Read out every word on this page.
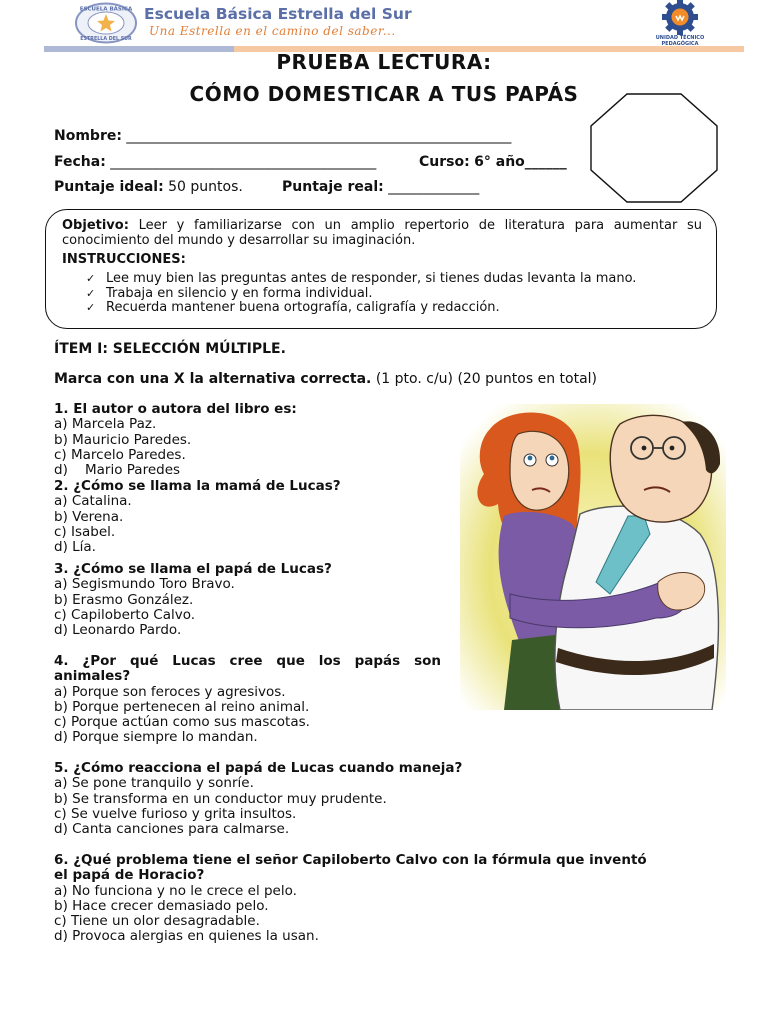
ESCUELA BÁSICA
ESTRELLA DEL SUR
Escuela Básica Estrella del Sur
Una Estrella en el camino del saber...	UNIDAD TÉCNICO
PEDAGÓGICA
PRUEBA LECTURA:
CÓMO DOMESTICAR A TUS PAPÁS
Nombre: _______________________________________________________
Fecha: ______________________________________	Curso: 6° año______
Puntaje ideal: 50 puntos.	Puntaje real: _____________
Objetivo: Leer y familiarizarse con un amplio repertorio de literatura para aumentar su conocimiento del mundo y desarrollar su imaginación.
INSTRUCCIONES:
✓ Lee muy bien las preguntas antes de responder, si tienes dudas levanta la mano.
✓ Trabaja en silencio y en forma individual.
✓ Recuerda mantener buena ortografía, caligrafía y redacción.
ÍTEM I: SELECCIÓN MÚLTIPLE.
Marca con una X la alternativa correcta. (1 pto. c/u) (20 puntos en total)
1. El autor o autora del libro es:
a) Marcela Paz.
b) Mauricio Paredes.
c) Marcelo Paredes.
d)    Mario Paredes
2. ¿Cómo se llama la mamá de Lucas?
a) Catalina.
b) Verena.
c) Isabel.
d) Lía.
3. ¿Cómo se llama el papá de Lucas?
a) Segismundo Toro Bravo.
b) Erasmo González.
c) Capiloberto Calvo.
d) Leonardo Pardo.
4. ¿Por qué Lucas cree que los papás son animales?
a) Porque son feroces y agresivos.
b) Porque pertenecen al reino animal.
c) Porque actúan como sus mascotas.
d) Porque siempre lo mandan.
5. ¿Cómo reacciona el papá de Lucas cuando maneja?
a) Se pone tranquilo y sonríe.
b) Se transforma en un conductor muy prudente.
c) Se vuelve furioso y grita insultos.
d) Canta canciones para calmarse.
6. ¿Qué problema tiene el señor Capiloberto Calvo con la fórmula que inventó el papá de Horacio?
a) No funciona y no le crece el pelo.
b) Hace crecer demasiado pelo.
c) Tiene un olor desagradable.
d) Provoca alergias en quienes la usan.
